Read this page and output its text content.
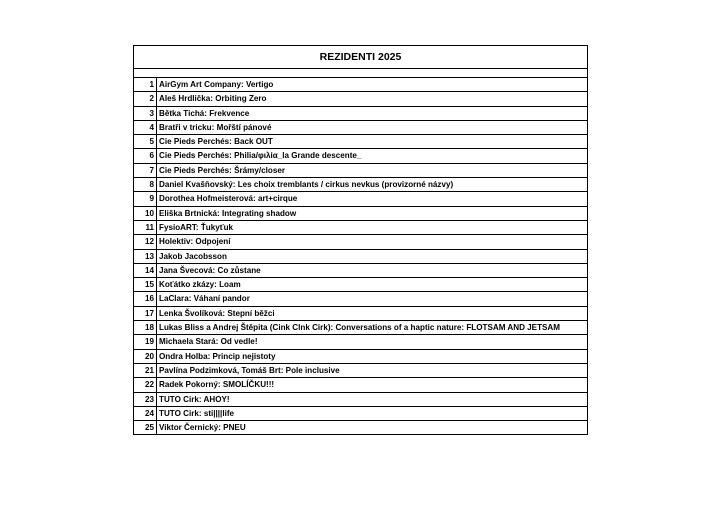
REZIDENTI 2025
1 AirGym Art Company: Vertigo
2 Aleš Hrdlička: Orbiting Zero
3 Bětka Tichá: Frekvence
4 Bratři v tricku: Mořští pánové
5 Cie Pieds Perchés: Back OUT
6 Cie Pieds Perchés: Philia/φιλία_la Grande descente_
7 Cie Pieds Perchés: Šrámy/closer
8 Daniel Kvašňovský: Les choix tremblants / cirkus nevkus (provizorné názvy)
9 Dorothea Hofmeisterová: art+cirque
10 Eliška Brtnická: Integrating shadow
11 FysioART: Ťukyťuk
12 Holektiv: Odpojení
13 Jakob Jacobsson
14 Jana Švecová: Co zůstane
15 Koťátko zkázy: Loam
16 LaClara: Váhaní pandor
17 Lenka Švolíková: Stepní běžci
18 Lukas Bliss a Andrej Štěpita (Cink Clnk Cirk): Conversations of a haptic nature: FLOTSAM AND JETSAM
19 Michaela Stará: Od vedle!
20 Ondra Holba: Princip nejistoty
21 Pavlína Podzimková, Tomáš Brt: Pole inclusive
22 Radek Pokorný: SMOLÍČKU!!!
23 TUTO Cirk: AHOY!
24 TUTO Cirk: sti||||life
25 Viktor Černický: PNEU
